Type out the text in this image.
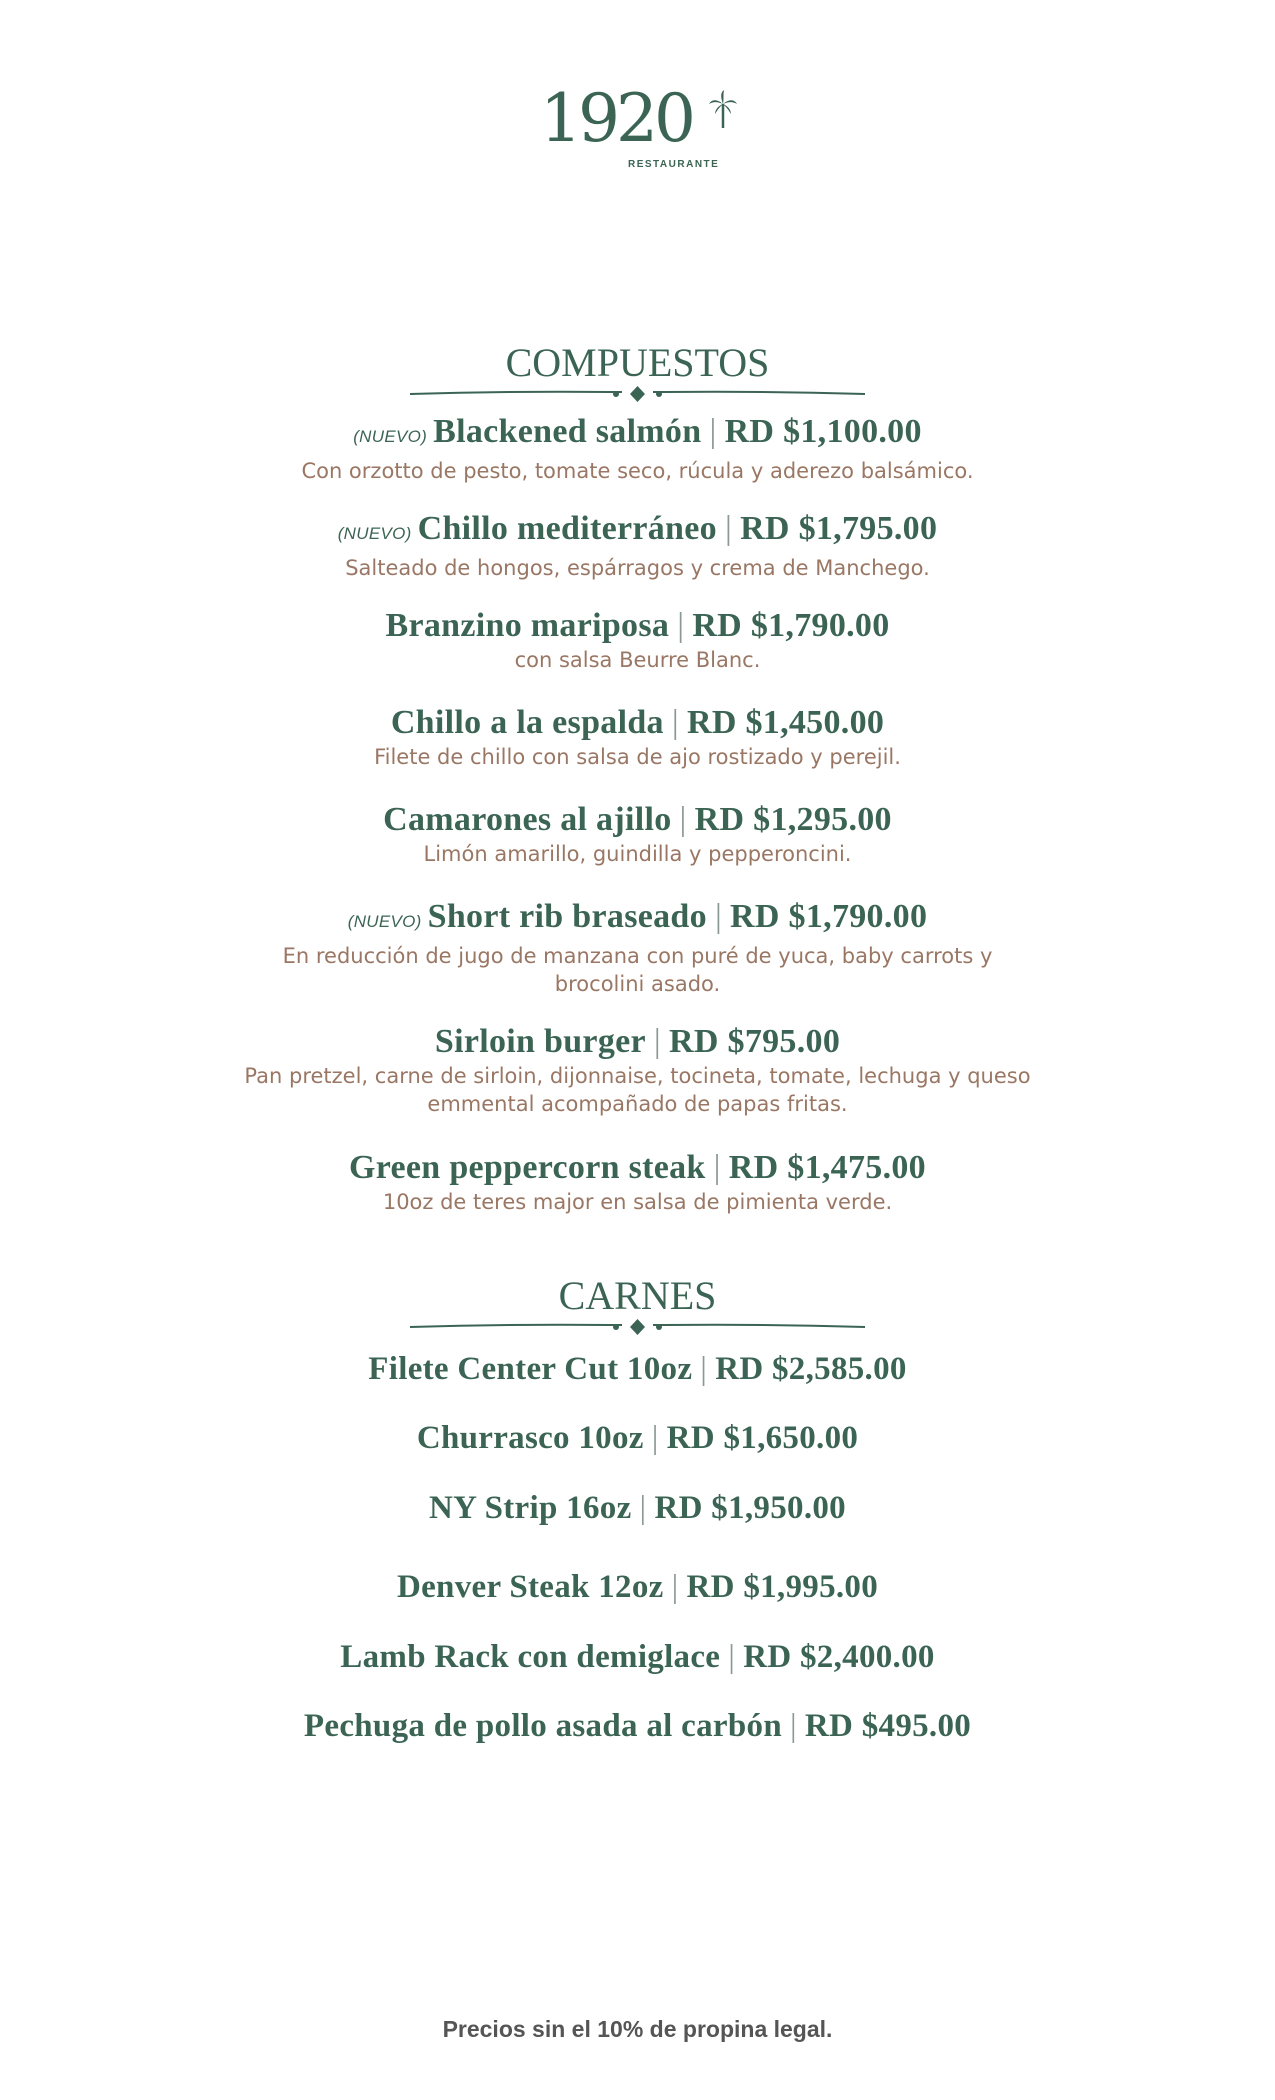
1920
RESTAURANTE
COMPUESTOS
(NUEVO) Blackened salmón | RD $1,100.00
Con orzotto de pesto, tomate seco, rúcula y aderezo balsámico.
(NUEVO) Chillo mediterráneo | RD $1,795.00
Salteado de hongos, espárragos y crema de Manchego.
Branzino mariposa | RD $1,790.00
con salsa Beurre Blanc.
Chillo a la espalda | RD $1,450.00
Filete de chillo con salsa de ajo rostizado y perejil.
Camarones al ajillo | RD $1,295.00
Limón amarillo, guindilla y pepperoncini.
(NUEVO) Short rib braseado | RD $1,790.00
En reducción de jugo de manzana con puré de yuca, baby carrots y brocolini asado.
Sirloin burger | RD $795.00
Pan pretzel, carne de sirloin, dijonnaise, tocineta, tomate, lechuga y queso emmental acompañado de papas fritas.
Green peppercorn steak | RD $1,475.00
10oz de teres major en salsa de pimienta verde.
CARNES
Filete Center Cut 10oz | RD $2,585.00
Churrasco 10oz | RD $1,650.00
NY Strip 16oz | RD $1,950.00
Denver Steak 12oz | RD $1,995.00
Lamb Rack con demiglace | RD $2,400.00
Pechuga de pollo asada al carbón | RD $495.00
Precios sin el 10% de propina legal.
